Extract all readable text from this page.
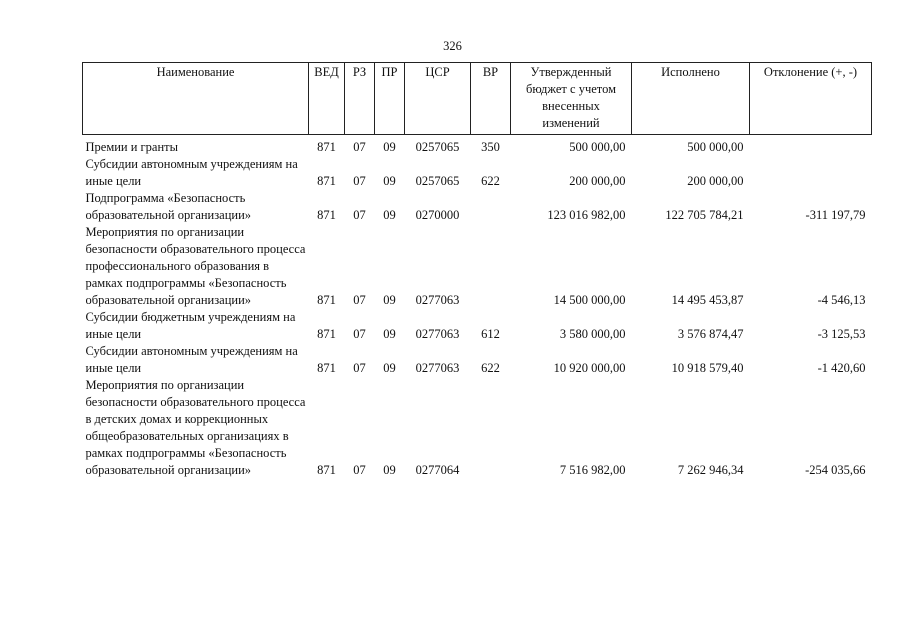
326
Наименование	ВЕД	РЗ	ПР	ЦСР	ВР	Утвержденный бюджет с учетом внесенных изменений	Исполнено	Отклонение (+, -)

Премии и гранты	871	07	09	0257065	350	500 000,00	500 000,00	
Субсидии автономным учреждениям на иные цели	871	07	09	0257065	622	200 000,00	200 000,00	
Подпрограмма «Безопасность образовательной организации»	871	07	09	0270000		123 016 982,00	122 705 784,21	-311 197,79
Мероприятия по организации безопасности образовательного процесса профессионального образования в рамках подпрограммы «Безопасность образовательной организации»	871	07	09	0277063		14 500 000,00	14 495 453,87	-4 546,13
Субсидии бюджетным учреждениям на иные цели	871	07	09	0277063	612	3 580 000,00	3 576 874,47	-3 125,53
Субсидии автономным учреждениям на иные цели	871	07	09	0277063	622	10 920 000,00	10 918 579,40	-1 420,60
Мероприятия по организации безопасности образовательного процесса в детских домах и коррекционных общеобразовательных организациях в рамках подпрограммы «Безопасность образовательной организации»	871	07	09	0277064		7 516 982,00	7 262 946,34	-254 035,66
